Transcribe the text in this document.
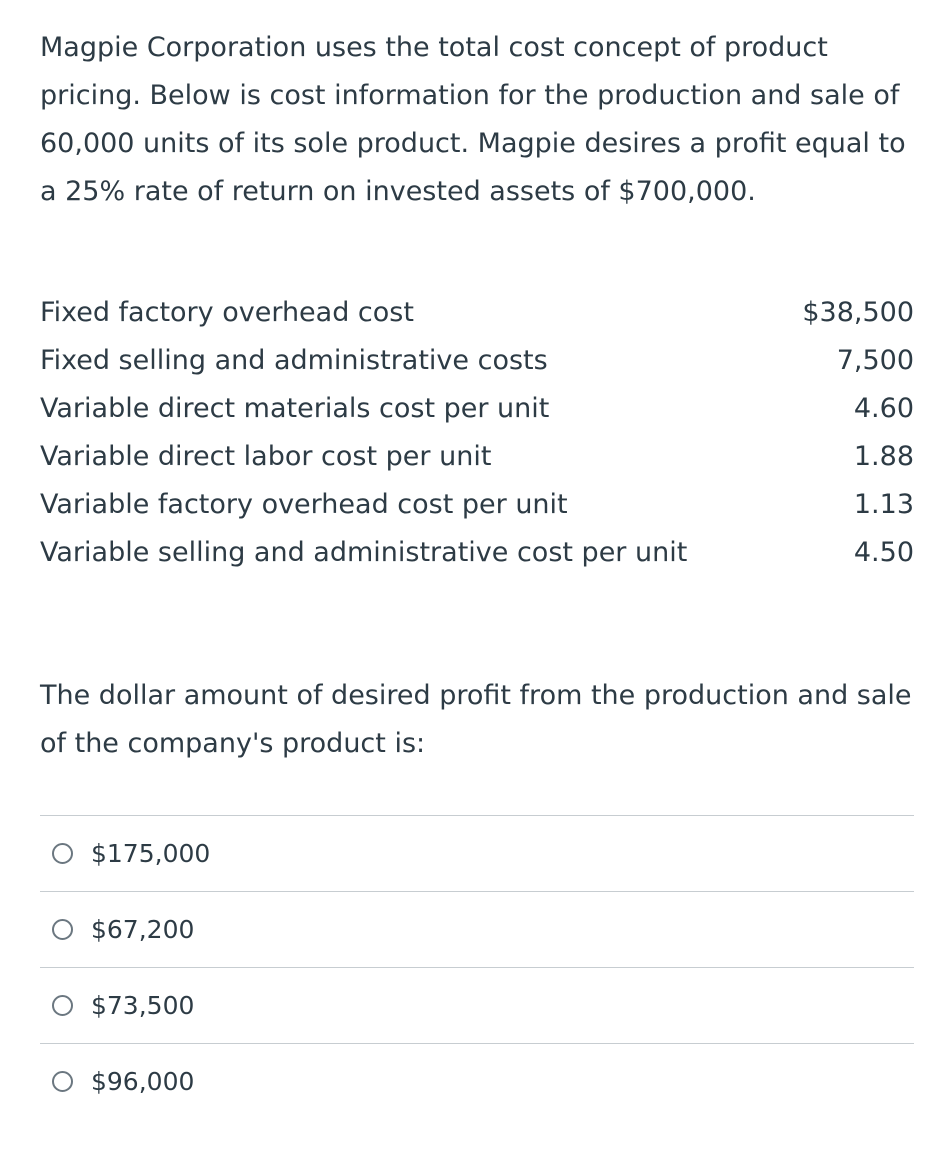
Magpie Corporation uses the total cost concept of product pricing. Below is cost information for the production and sale of 60,000 units of its sole product. Magpie desires a profit equal to a 25% rate of return on invested assets of $700,000.

Fixed factory overhead cost	$38,500
Fixed selling and administrative costs	7,500
Variable direct materials cost per unit	4.60
Variable direct labor cost per unit	1.88
Variable factory overhead cost per unit	1.13
Variable selling and administrative cost per unit	4.50

The dollar amount of desired profit from the production and sale of the company's product is:

$175,000
$67,200
$73,500
$96,000
